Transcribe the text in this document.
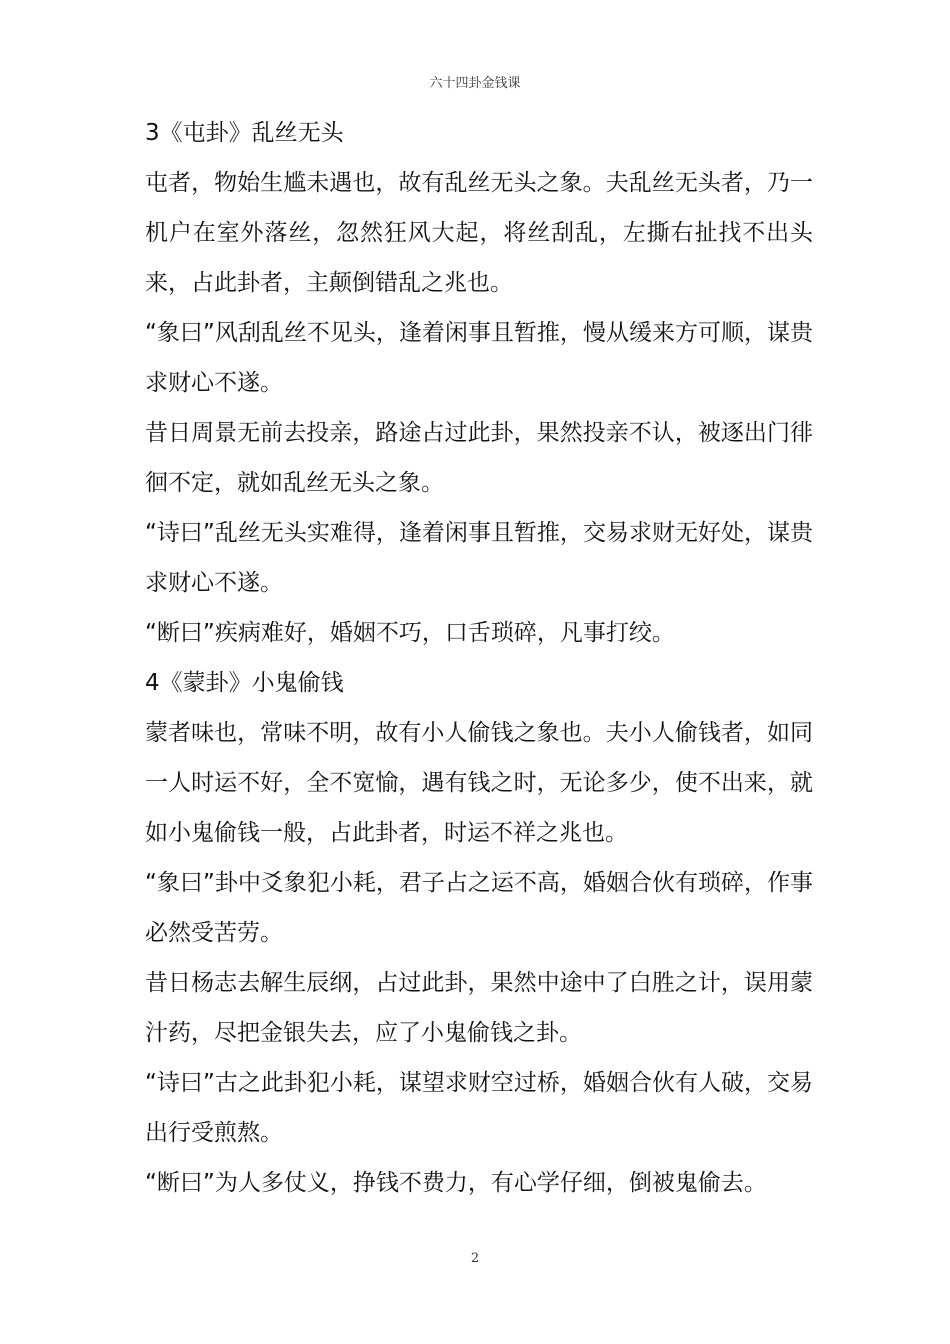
六十四卦金钱课
3《屯卦》乱丝无头

屯者，物始生尴未遇也，故有乱丝无头之象。夫乱丝无头者，乃一机户在室外落丝，忽然狂风大起，将丝刮乱，左撕右扯找不出头来，占此卦者，主颠倒错乱之兆也。

“象曰”风刮乱丝不见头，逢着闲事且暂推，慢从缓来方可顺，谋贵求财心不遂。

昔日周景无前去投亲，路途占过此卦，果然投亲不认，被逐出门徘徊不定，就如乱丝无头之象。

“诗曰”乱丝无头实难得，逢着闲事且暂推，交易求财无好处，谋贵求财心不遂。

“断曰”疾病难好，婚姻不巧，口舌琐碎，凡事打绞。

4《蒙卦》小鬼偷钱

蒙者味也，常味不明，故有小人偷钱之象也。夫小人偷钱者，如同一人时运不好，全不宽愉，遇有钱之时，无论多少，使不出来，就如小鬼偷钱一般，占此卦者，时运不祥之兆也。

“象曰”卦中爻象犯小耗，君子占之运不高，婚姻合伙有琐碎，作事必然受苦劳。

昔日杨志去解生辰纲，占过此卦，果然中途中了白胜之计，误用蒙汁药，尽把金银失去，应了小鬼偷钱之卦。

“诗曰”古之此卦犯小耗，谋望求财空过桥，婚姻合伙有人破，交易出行受煎熬。

“断曰”为人多仗义，挣钱不费力，有心学仔细，倒被鬼偷去。

2
